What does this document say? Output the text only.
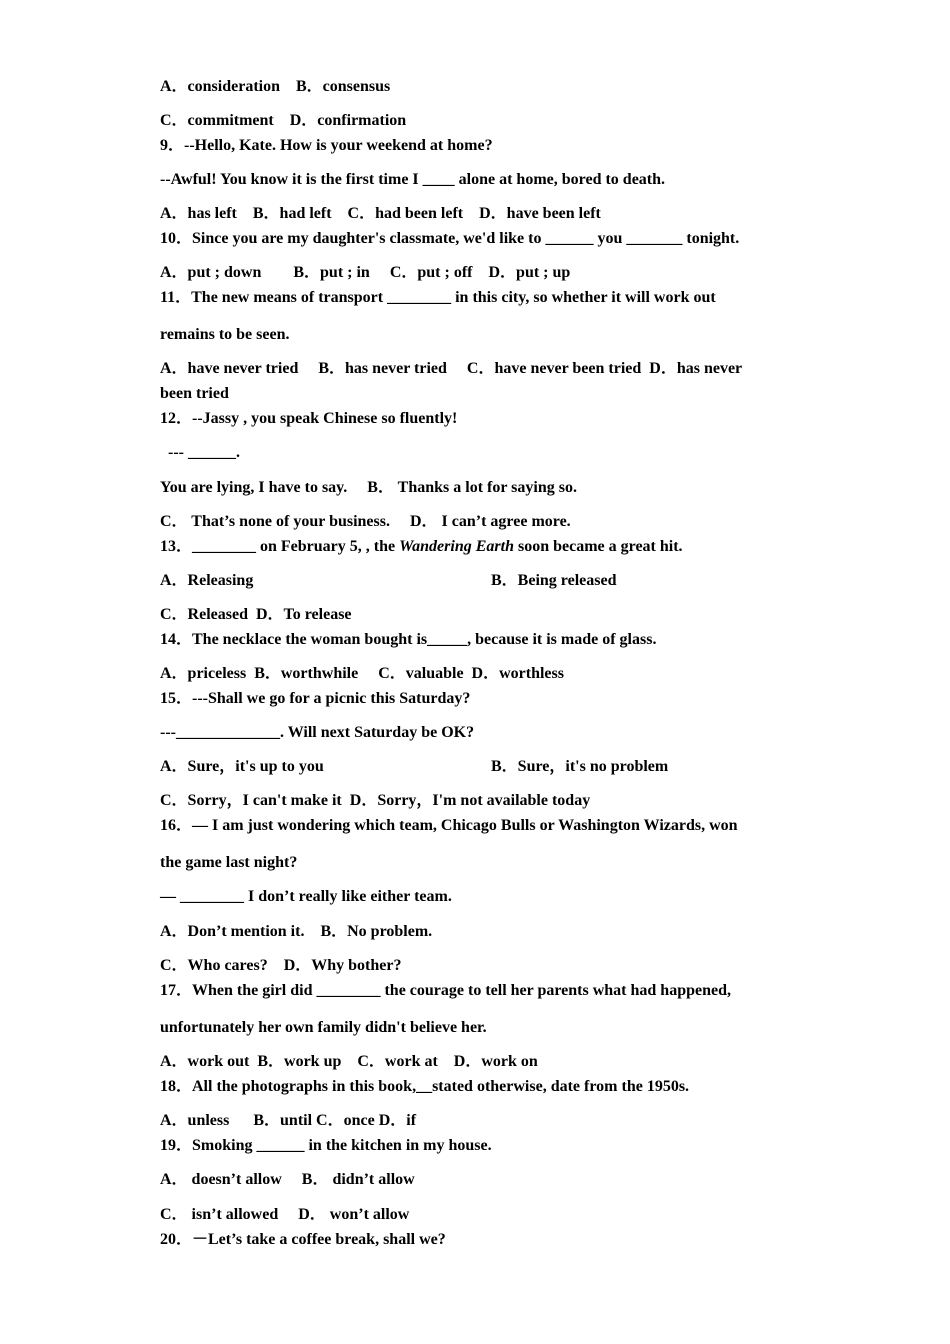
A．consideration　B．consensus
C．commitment　D．confirmation
9．--Hello, Kate. How is your weekend at home?
--Awful! You know it is the first time I ____ alone at home, bored to death.
A．has left　B．had left　C．had been left　D．have been left
10．Since you are my daughter's classmate, we'd like to ______ you _______ tonight.
A．put ; down　　B．put ; in　 C．put ; off　D．put ; up
11．The new means of transport ________ in this city, so whether it will work out
remains to be seen.
A．have never tried　 B．has never tried　 C．have never been tried  D．has never
been tried
12．--Jassy , you speak Chinese so fluently!
--- ______.
You are lying, I have to say.　 B． Thanks a lot for saying so.
C． That’s none of your business.　 D． I can’t agree more.
13．________ on February 5, , the Wandering Earth soon became a great hit.
A．Releasing	B．Being released
C．Released  D．To release
14．The necklace the woman bought is_____, because it is made of glass.
A．priceless  B．worthwhile　 C．valuable  D．worthless
15．---Shall we go for a picnic this Saturday?
---_____________. Will next Saturday be OK?
A．Sure，it's up to you	B．Sure，it's no problem
C．Sorry，I can't make it  D．Sorry，I'm not available today
16．— I am just wondering which team, Chicago Bulls or Washington Wizards, won
the game last night?
— ________ I don’t really like either team.
A．Don’t mention it.　B．No problem.
C．Who cares?　D．Why bother?
17．When the girl did ________ the courage to tell her parents what had happened,
unfortunately her own family didn't believe her.
A．work out  B．work up　C．work at　D．work on
18．All the photographs in this book,__stated otherwise, date from the 1950s.
A．unless　  B．until C．once D．if
19．Smoking ______ in the kitchen in my house.
A． doesn’t allow　 B． didn’t allow
C． isn’t allowed　 D． won’t allow
20．－Let’s take a coffee break, shall we?
